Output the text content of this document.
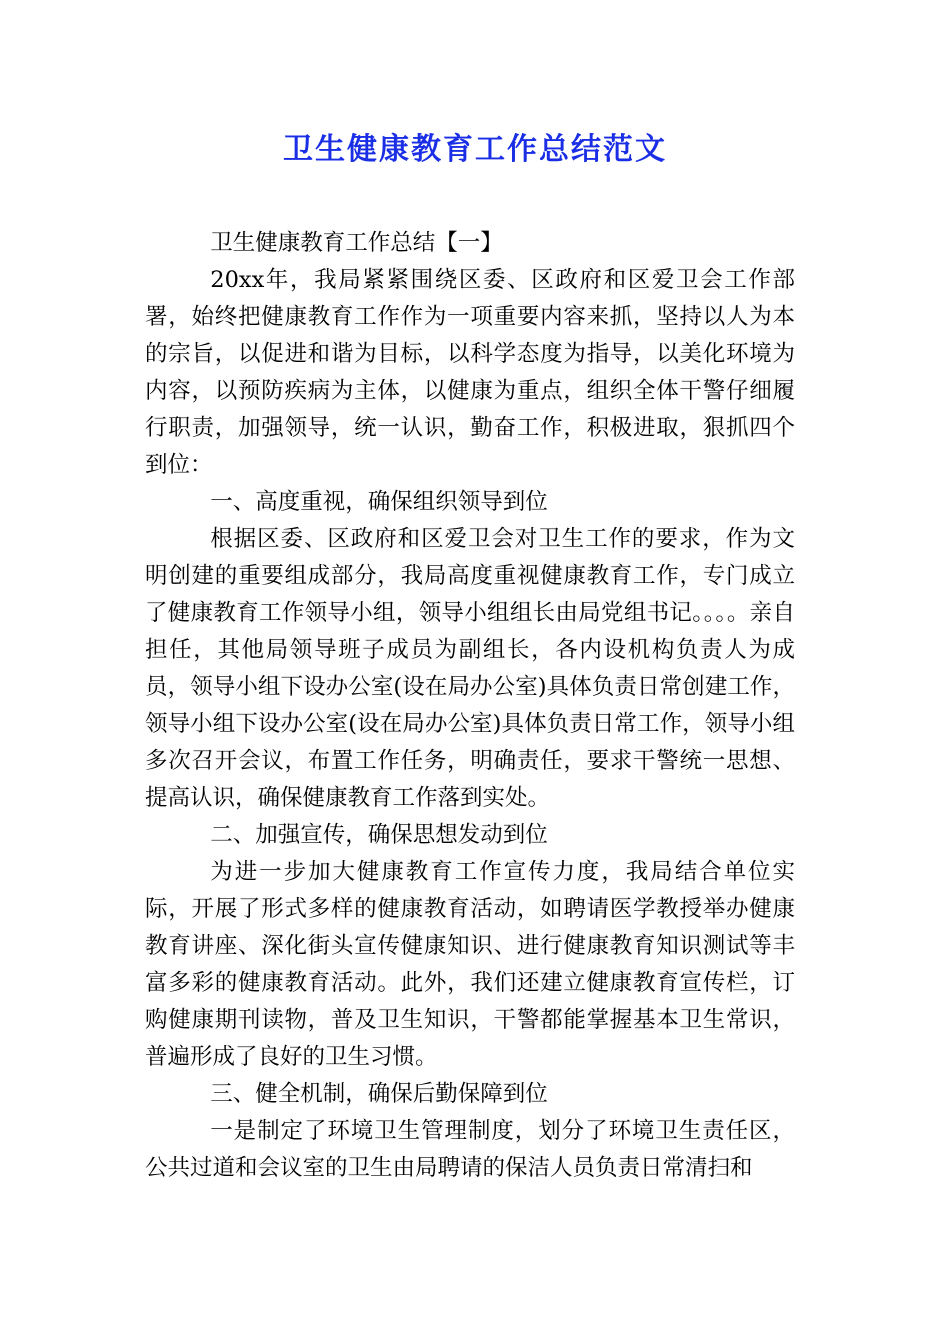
卫生健康教育工作总结范文

卫生健康教育工作总结【一】

20xx年，我局紧紧围绕区委、区政府和区爱卫会工作部署，始终把健康教育工作作为一项重要内容来抓，坚持以人为本的宗旨，以促进和谐为目标，以科学态度为指导，以美化环境为内容，以预防疾病为主体，以健康为重点，组织全体干警仔细履行职责，加强领导，统一认识，勤奋工作，积极进取，狠抓四个到位：

一、高度重视，确保组织领导到位

根据区委、区政府和区爱卫会对卫生工作的要求，作为文明创建的重要组成部分，我局高度重视健康教育工作，专门成立了健康教育工作领导小组，领导小组组长由局党组书记。。。。亲自担任，其他局领导班子成员为副组长，各内设机构负责人为成员，领导小组下设办公室(设在局办公室)具体负责日常创建工作，领导小组下设办公室(设在局办公室)具体负责日常工作，领导小组多次召开会议，布置工作任务，明确责任，要求干警统一思想、提高认识，确保健康教育工作落到实处。

二、加强宣传，确保思想发动到位

为进一步加大健康教育工作宣传力度，我局结合单位实际，开展了形式多样的健康教育活动，如聘请医学教授举办健康教育讲座、深化街头宣传健康知识、进行健康教育知识测试等丰富多彩的健康教育活动。此外，我们还建立健康教育宣传栏，订购健康期刊读物，普及卫生知识，干警都能掌握基本卫生常识，普遍形成了良好的卫生习惯。

三、健全机制，确保后勤保障到位

一是制定了环境卫生管理制度，划分了环境卫生责任区，公共过道和会议室的卫生由局聘请的保洁人员负责日常清扫和
